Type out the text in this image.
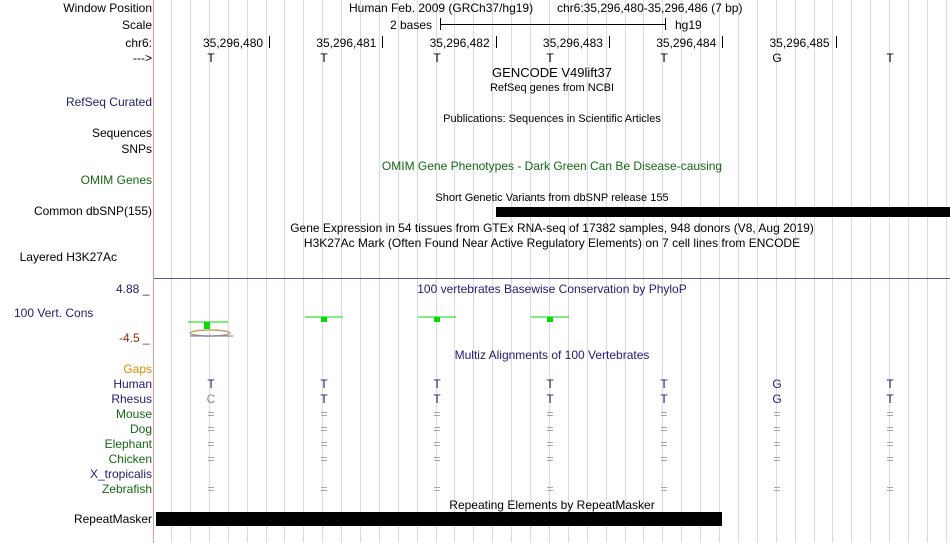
Window Position	Human Feb. 2009 (GRCh37/hg19) chr6:35,296,480-35,296,486 (7 bp)
Scale	2 bases	hg19
chr6:	35,296,480	35,296,481	35,296,482	35,296,483	35,296,484	35,296,485
--->	T	T	T	T	T	G	T
GENCODE V49lift37
RefSeq genes from NCBI
RefSeq Curated
Publications: Sequences in Scientific Articles
Sequences
SNPs
OMIM Gene Phenotypes - Dark Green Can Be Disease-causing
OMIM Genes
Short Genetic Variants from dbSNP release 155
Common dbSNP(155)
Gene Expression in 54 tissues from GTEx RNA-seq of 17382 samples, 948 donors (V8, Aug 2019)
H3K27Ac Mark (Often Found Near Active Regulatory Elements) on 7 cell lines from ENCODE
Layered H3K27Ac
4.88 _	100 vertebrates Basewise Conservation by PhyloP
100 Vert. Cons
-4.5 _
Multiz Alignments of 100 Vertebrates
Gaps
Human	T	T	T	T	T	G	T
Rhesus	C	T	T	T	T	G	T
Mouse	=	=	=	=	=	=	=
Dog	=	=	=	=	=	=	=
Elephant	=	=	=	=	=	=	=
Chicken	=	=	=	=	=	=	=
X_tropicalis
Zebrafish	=	=	=	=	=	=	=
Repeating Elements by RepeatMasker
RepeatMasker
